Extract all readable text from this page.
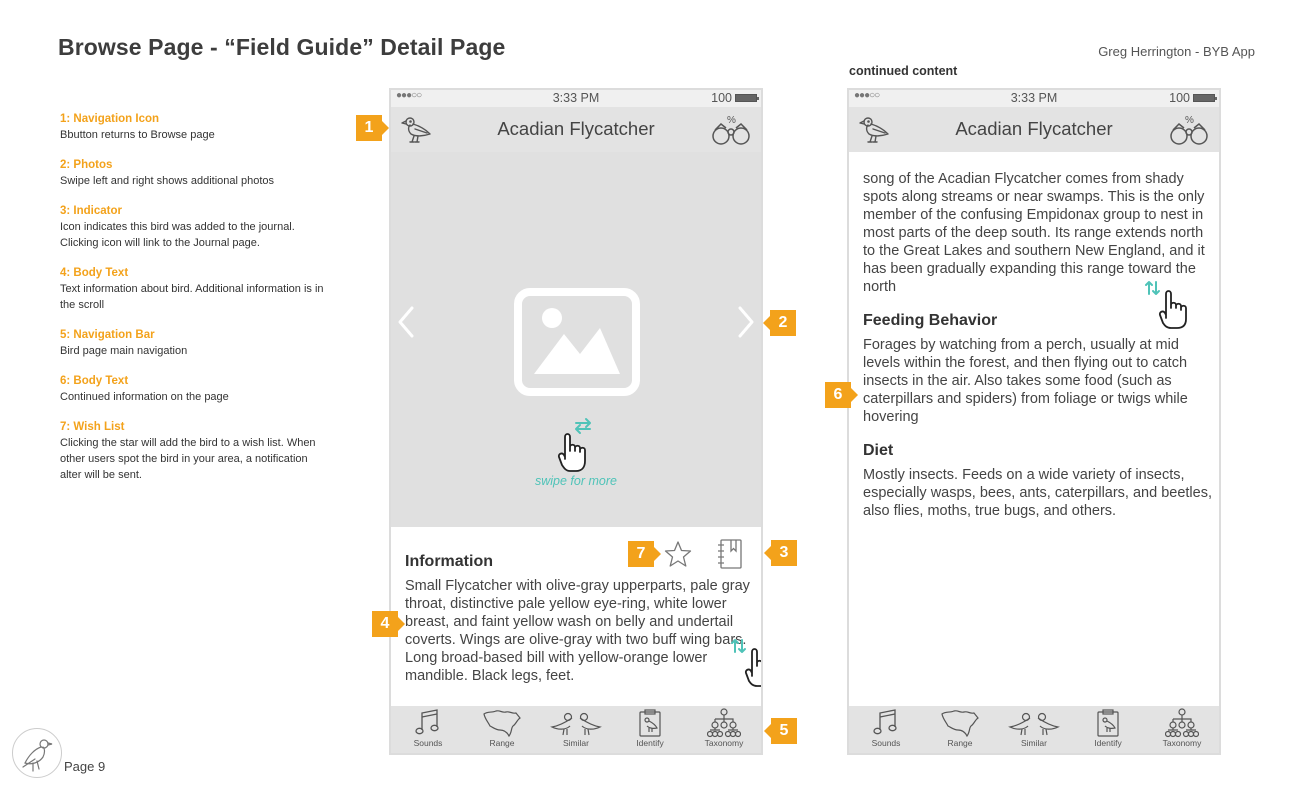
Browse Page - “Field Guide” Detail Page	Greg Herrington - BYB App
1: Navigation Icon
Bbutton returns to Browse page
2: Photos
Swipe left and right shows additional photos
3: Indicator
Icon indicates this bird was added to the journal. Clicking icon will link to the Journal page.
4: Body Text
Text information about bird. Additional information is in the scroll
5: Navigation Bar
Bird page main navigation
6: Body Text
Continued information on the page
7: Wish List
Clicking the star will add the bird to a wish list. When other users spot the bird in your area, a notification alter will be sent.
●●●○○	3:33 PM	100
Acadian Flycatcher	%
swipe for more
Information
Small Flycatcher with olive-gray upperparts, pale gray throat, distinctive pale yellow eye-ring, white lower breast, and faint yellow wash on belly and undertail coverts. Wings are olive-gray with two buff wing bars. Long broad-based bill with yellow-orange lower mandible. Black legs, feet.
Sounds	Range	Similar	Identify	Taxonomy
continued content
●●●○○	3:33 PM	100
Acadian Flycatcher	%
song of the Acadian Flycatcher comes from shady spots along streams or near swamps. This is the only member of the confusing Empidonax group to nest in most parts of the deep south. Its range extends north to the Great Lakes and southern New England, and it has been gradually expanding this range toward the north
Feeding Behavior
Forages by watching from a perch, usually at mid levels within the forest, and then flying out to catch insects in the air. Also takes some food (such as caterpillars and spiders) from foliage or twigs while hovering
Diet
Mostly insects. Feeds on a wide variety of insects, especially wasps, bees, ants, caterpillars, and beetles, also flies, moths, true bugs, and others.
Sounds	Range	Similar	Identify	Taxonomy
1
2
3
4
5
6
7
Page 9
